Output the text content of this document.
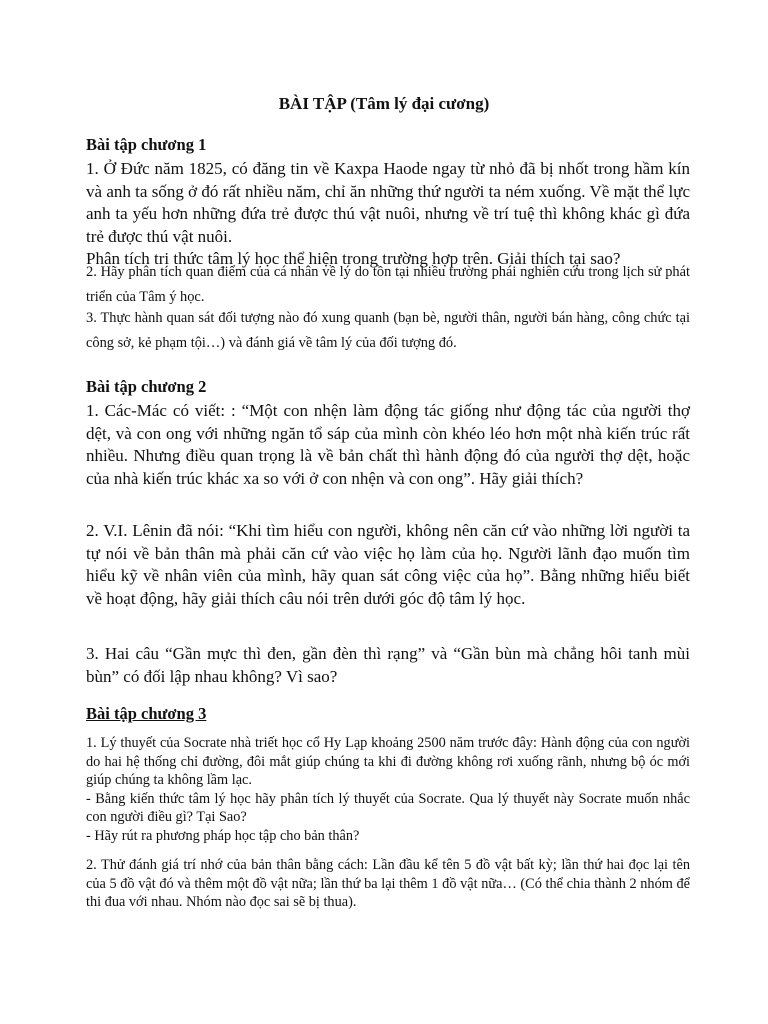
BÀI TẬP (Tâm lý đại cương)
Bài tập chương 1

1. Ở Đức năm 1825, có đăng tin về Kaxpa Haode ngay từ nhỏ đã bị nhốt trong hầm kín và anh ta sống ở đó rất nhiều năm, chỉ ăn những thứ người ta ném xuống. Về mặt thể lực anh ta yếu hơn những đứa trẻ được thú vật nuôi, nhưng về trí tuệ thì không khác gì đứa trẻ được thú vật nuôi.

Phân tích tri thức tâm lý học thể hiện trong trường hợp trên. Giải thích tại sao?

2. Hãy phân tích quan điểm của cá nhân về lý do tồn tại nhiều trường phái nghiên cứu trong lịch sử phát triển của Tâm ý học.
3. Thực hành quan sát đối tượng nào đó xung quanh (bạn bè, người thân, người bán hàng, công chức tại công sở, kẻ phạm tội…) và đánh giá về tâm lý của đối tượng đó.
Bài tập chương 2
1. Các-Mác có viết: : “Một con nhện làm động tác giống như động tác của người thợ dệt, và con ong với những ngăn tổ sáp của mình còn khéo léo hơn một nhà kiến trúc rất nhiều. Nhưng điều quan trọng là về bản chất thì hành động đó của người thợ dệt, hoặc của nhà kiến trúc khác xa so với ở con nhện và con ong”. Hãy giải thích?
2. V.I. Lênin đã nói: “Khi tìm hiểu con người, không nên căn cứ vào những lời người ta tự nói về bản thân mà phải căn cứ vào việc họ làm của họ. Người lãnh đạo muốn tìm hiểu kỹ về nhân viên của mình, hãy quan sát công việc của họ”. Bằng những hiểu biết về hoạt động, hãy giải thích câu nói trên dưới góc độ tâm lý học.
3. Hai câu “Gần mực thì đen, gần đèn thì rạng” và “Gần bùn mà chẳng hôi tanh mùi bùn” có đối lập nhau không? Vì sao?
Bài tập chương 3

1. Lý thuyết của Socrate nhà triết học cổ Hy Lạp khoảng 2500 năm trước đây: Hành động của con người do hai hệ thống chỉ đường, đôi mắt giúp chúng ta khi đi đường không rơi xuống rãnh, nhưng bộ óc mới giúp chúng ta không lầm lạc.

- Bằng kiến thức tâm lý học hãy phân tích lý thuyết của Socrate. Qua lý thuyết này Socrate muốn nhắc con người điều gì? Tại Sao?

- Hãy rút ra phương pháp học tập cho bản thân?

2. Thử đánh giá trí nhớ của bản thân bằng cách: Lần đầu kể tên 5 đồ vật bất kỳ; lần thứ hai đọc lại tên của 5 đồ vật đó và thêm một đồ vật nữa; lần thứ ba lại thêm 1 đồ vật nữa… (Có thể chia thành 2 nhóm để thi đua với nhau. Nhóm nào đọc sai sẽ bị thua).
